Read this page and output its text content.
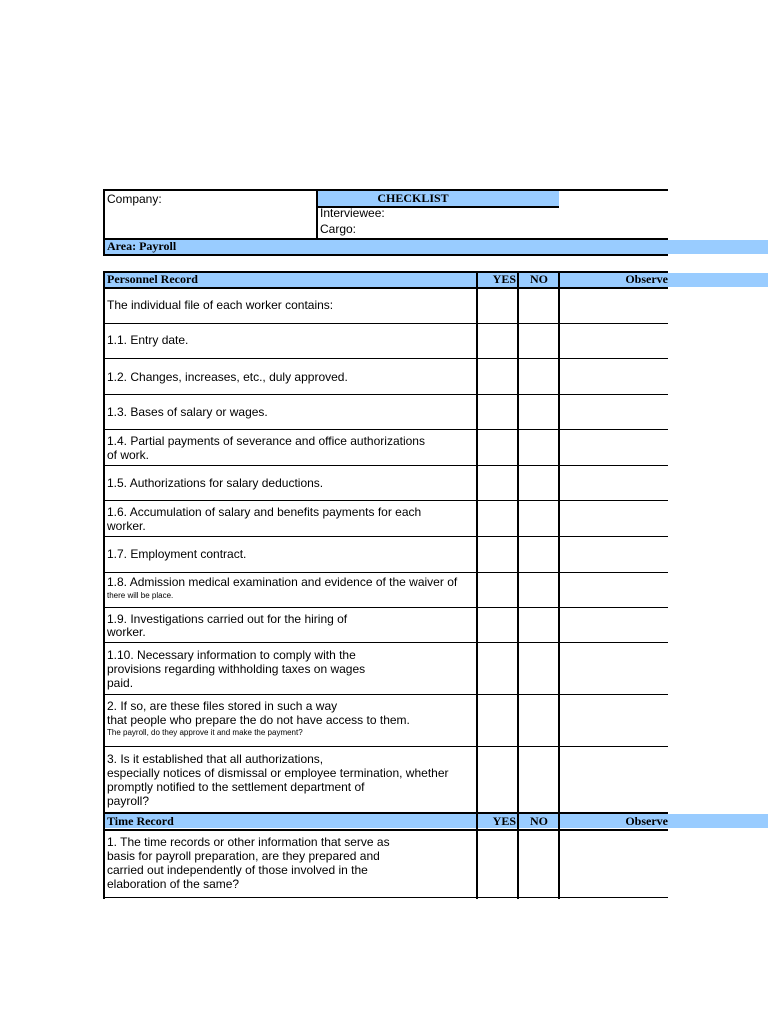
Company:	CHECKLIST
Interviewee:
Cargo:
Area: Payroll
Personnel Record	YES	NO	Observe
The individual file of each worker contains:
1.1. Entry date.
1.2. Changes, increases, etc., duly approved.
1.3. Bases of salary or wages.
1.4. Partial payments of severance and office authorizations
of work.
1.5. Authorizations for salary deductions.
1.6. Accumulation of salary and benefits payments for each
worker.
1.7. Employment contract.
1.8. Admission medical examination and evidence of the waiver of
there will be place.
1.9. Investigations carried out for the hiring of
worker.
1.10. Necessary information to comply with the
provisions regarding withholding taxes on wages
paid.
2. If so, are these files stored in such a way
that people who prepare the do not have access to them.
The payroll, do they approve it and make the payment?
3. Is it established that all authorizations,
especially notices of dismissal or employee termination, whether
promptly notified to the settlement department of
payroll?
Time Record	YES	NO	Observe
1. The time records or other information that serve as
basis for payroll preparation, are they prepared and
carried out independently of those involved in the
elaboration of the same?
